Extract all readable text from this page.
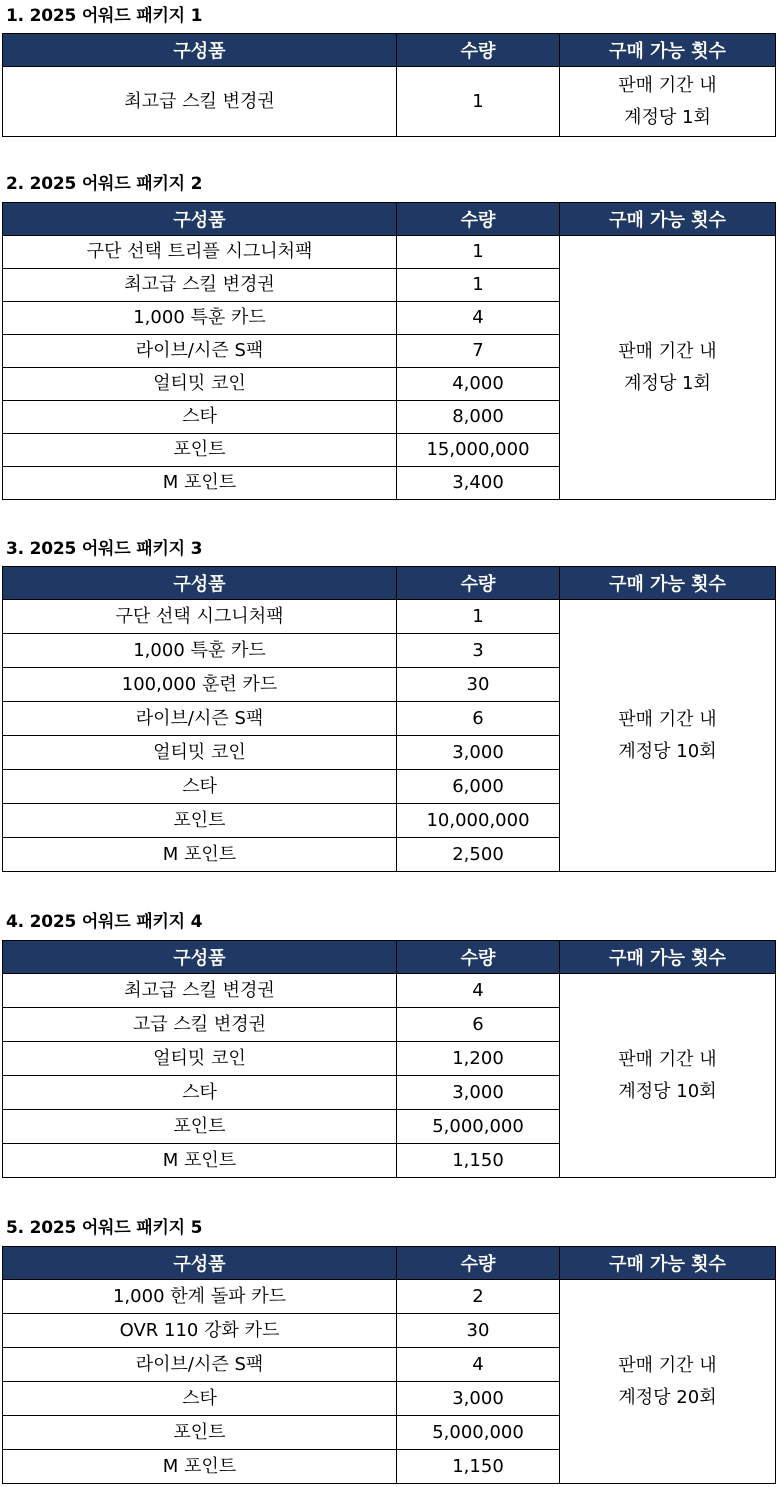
1. 2025 어워드 패키지 1
구성품	수량	구매 가능 횟수
최고급 스킬 변경권	1	판매 기간 내
계정당 1회
2. 2025 어워드 패키지 2
구성품	수량	구매 가능 횟수
구단 선택 트리플 시그니처팩	1	판매 기간 내
계정당 1회

최고급 스킬 변경권	1	
1,000 특훈 카드	4	
라이브/시즌 S팩	7	
얼티밋 코인	4,000	
스타	8,000	
포인트	15,000,000	
M 포인트	3,400	
3. 2025 어워드 패키지 3
구성품	수량	구매 가능 횟수
구단 선택 시그니처팩	1	판매 기간 내
계정당 10회

1,000 특훈 카드	3	
100,000 훈련 카드	30	
라이브/시즌 S팩	6	
얼티밋 코인	3,000	
스타	6,000	
포인트	10,000,000	
M 포인트	2,500	
4. 2025 어워드 패키지 4
구성품	수량	구매 가능 횟수
최고급 스킬 변경권	4	판매 기간 내
계정당 10회

고급 스킬 변경권	6	
얼티밋 코인	1,200	
스타	3,000	
포인트	5,000,000	
M 포인트	1,150	
5. 2025 어워드 패키지 5
구성품	수량	구매 가능 횟수
1,000 한계 돌파 카드	2	판매 기간 내
계정당 20회

OVR 110 강화 카드	30	
라이브/시즌 S팩	4	
스타	3,000	
포인트	5,000,000	
M 포인트	1,150	
